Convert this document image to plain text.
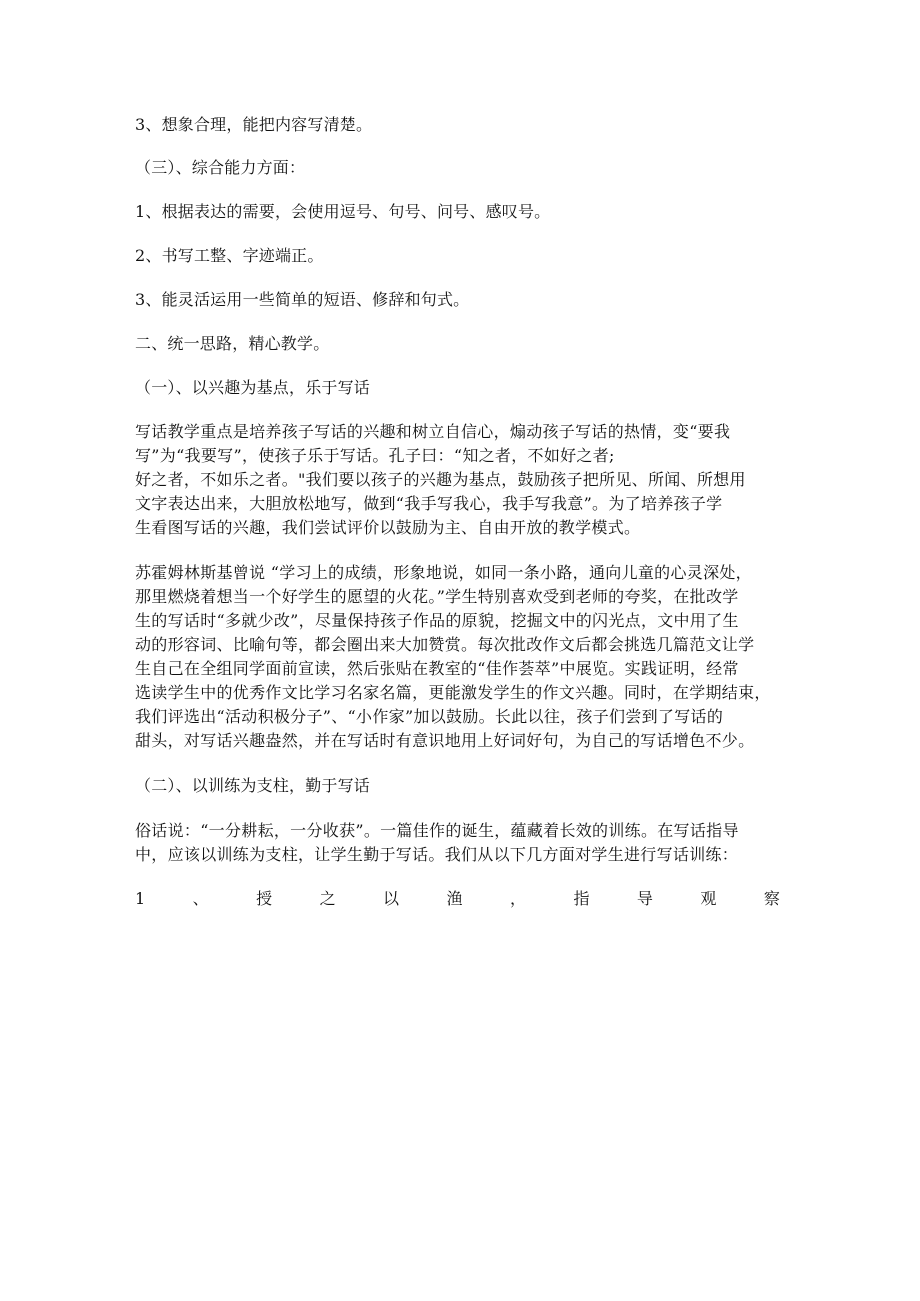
3、想象合理，能把内容写清楚。
（三）、综合能力方面：
1、根据表达的需要，会使用逗号、句号、问号、感叹号。
2、书写工整、字迹端正。
3、能灵活运用一些简单的短语、修辞和句式。
二、统一思路，精心教学。
（一）、以兴趣为基点，乐于写话
写话教学重点是培养孩子写话的兴趣和树立自信心，煽动孩子写话的热情，变“要我
写”为“我要写”，使孩子乐于写话。孔子曰：“知之者，不如好之者;
好之者，不如乐之者。"我们要以孩子的兴趣为基点，鼓励孩子把所见、所闻、所想用
文字表达出来，大胆放松地写，做到“我手写我心，我手写我意”。为了培养孩子学
生看图写话的兴趣，我们尝试评价以鼓励为主、自由开放的教学模式。
苏霍姆林斯基曾说 “学习上的成绩，形象地说，如同一条小路，通向儿童的心灵深处，
那里燃烧着想当一个好学生的愿望的火花。”学生特别喜欢受到老师的夸奖，在批改学
生的写话时“多就少改”，尽量保持孩子作品的原貌，挖掘文中的闪光点，文中用了生
动的形容词、比喻句等，都会圈出来大加赞赏。每次批改作文后都会挑选几篇范文让学
生自己在全组同学面前宣读，然后张贴在教室的“佳作荟萃”中展览。实践证明，经常
选读学生中的优秀作文比学习名家名篇，更能激发学生的作文兴趣。同时，在学期结束，
我们评选出“活动积极分子”、“小作家”加以鼓励。长此以往，孩子们尝到了写话的
甜头，对写话兴趣盎然，并在写话时有意识地用上好词好句，为自己的写话增色不少。
（二）、以训练为支柱，勤于写话
俗话说：“一分耕耘，一分收获”。一篇佳作的诞生，蕴藏着长效的训练。在写话指导
中，应该以训练为支柱，让学生勤于写话。我们从以下几方面对学生进行写话训练：
1	、	授	之	以	渔	，	指	导	观	察
